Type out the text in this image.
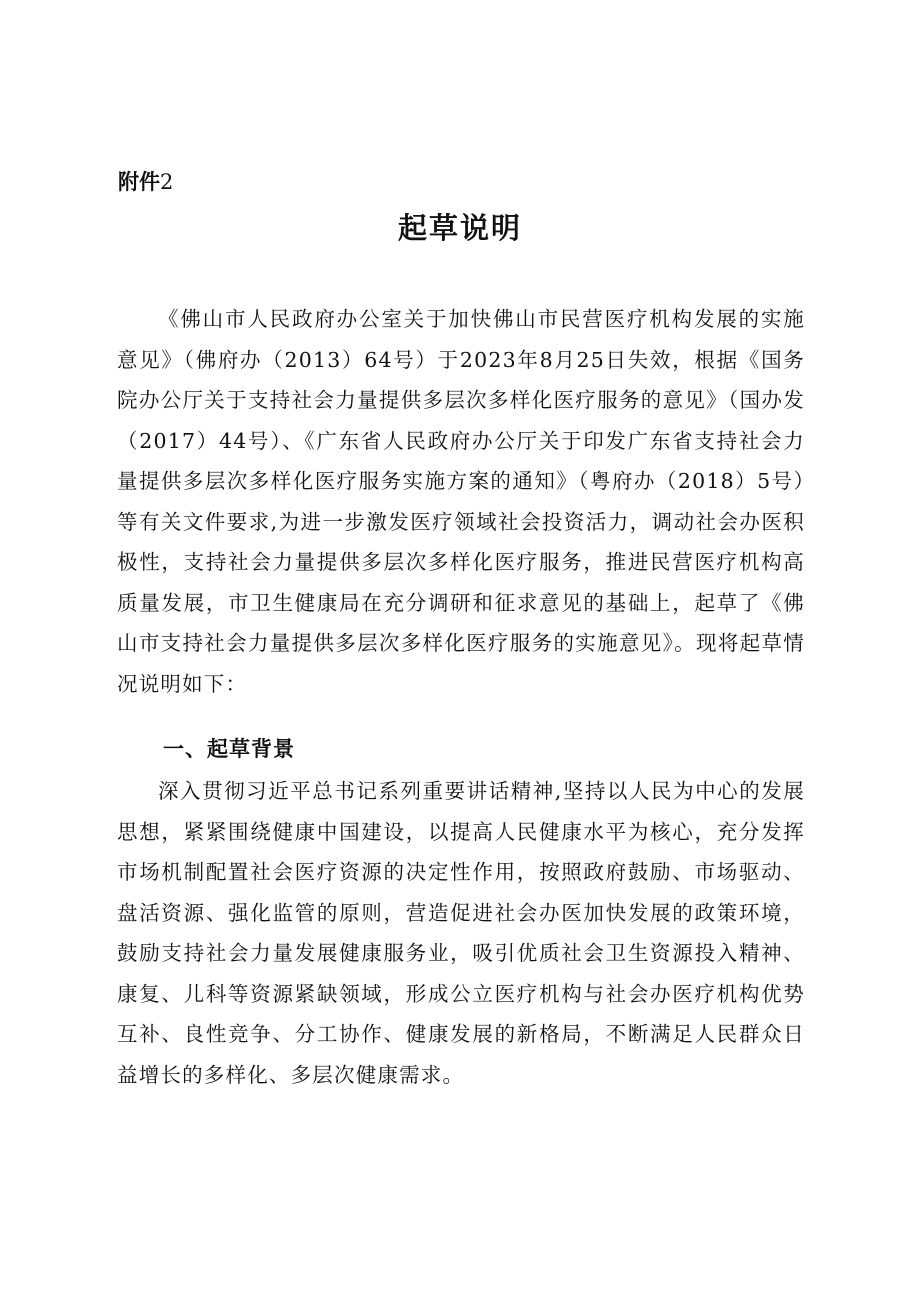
附件2

起草说明

《佛山市人民政府办公室关于加快佛山市民营医疗机构发展的实施意见》（佛府办（2013）64号）于2023年8月25日失效，根据《国务院办公厅关于支持社会力量提供多层次多样化医疗服务的意见》（国办发（2017）44号）、《广东省人民政府办公厅关于印发广东省支持社会力量提供多层次多样化医疗服务实施方案的通知》（粤府办（2018）5号）等有关文件要求,为进一步激发医疗领域社会投资活力，调动社会办医积极性，支持社会力量提供多层次多样化医疗服务，推进民营医疗机构高质量发展，市卫生健康局在充分调研和征求意见的基础上，起草了《佛山市支持社会力量提供多层次多样化医疗服务的实施意见》。现将起草情况说明如下：

一、起草背景

深入贯彻习近平总书记系列重要讲话精神,坚持以人民为中心的发展思想，紧紧围绕健康中国建设，以提高人民健康水平为核心，充分发挥市场机制配置社会医疗资源的决定性作用，按照政府鼓励、市场驱动、盘活资源、强化监管的原则，营造促进社会办医加快发展的政策环境，鼓励支持社会力量发展健康服务业，吸引优质社会卫生资源投入精神、康复、儿科等资源紧缺领域，形成公立医疗机构与社会办医疗机构优势互补、良性竞争、分工协作、健康发展的新格局，不断满足人民群众日益增长的多样化、多层次健康需求。
